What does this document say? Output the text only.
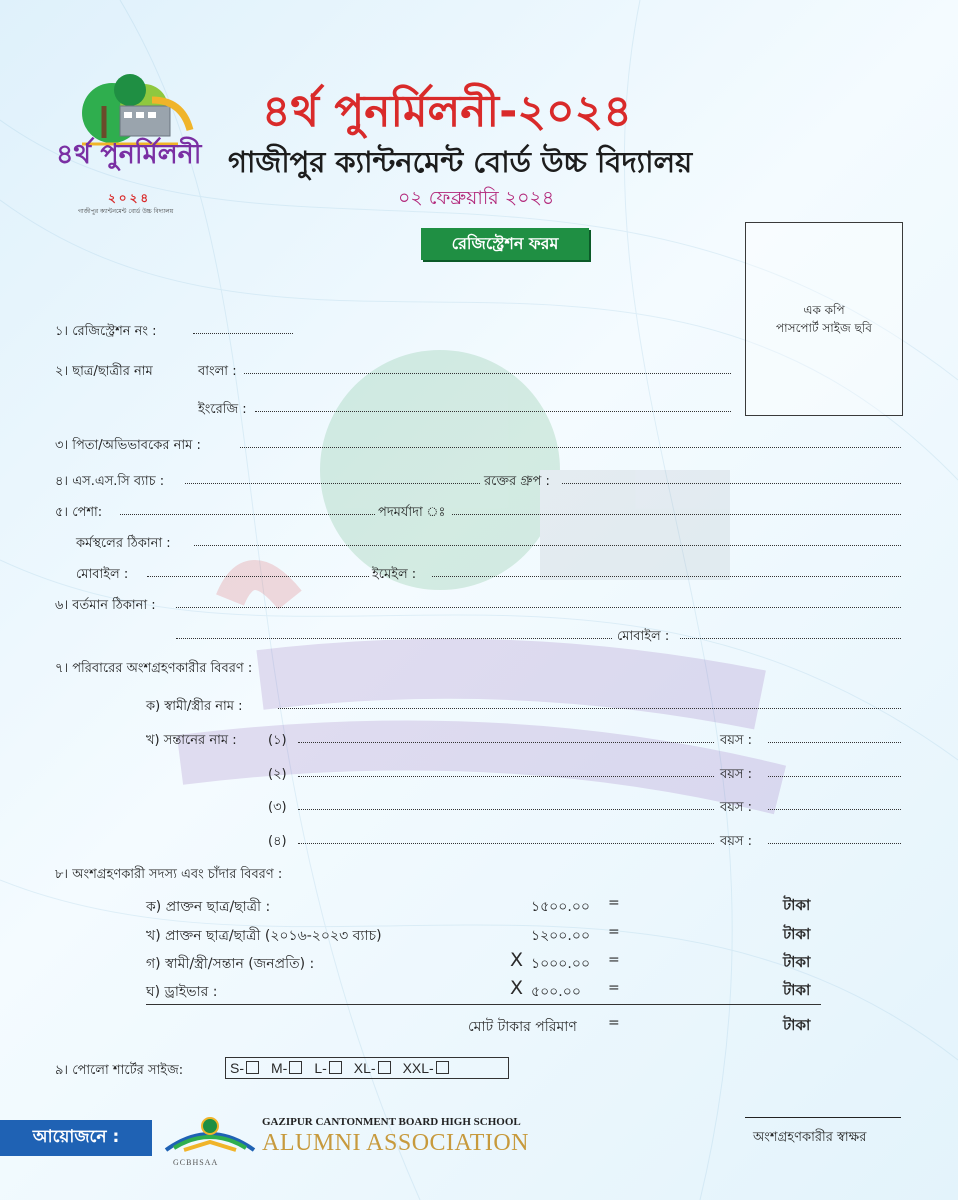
৪র্থ পুনর্মিলনী
২০২৪
গাজীপুর ক্যান্টনমেন্ট বোর্ড উচ্চ বিদ্যালয়
৪র্থ পুনর্মিলনী-২০২৪
গাজীপুর ক্যান্টনমেন্ট বোর্ড উচ্চ বিদ্যালয়
০২ ফেব্রুয়ারি ২০২৪
রেজিস্ট্রেশন ফরম
এক কপি
পাসপোর্ট সাইজ ছবি
১। রেজিস্ট্রেশন নং :
২। ছাত্র/ছাত্রীর নাম	বাংলা :
ইংরেজি :
৩। পিতা/অভিভাবকের নাম :
৪। এস.এস.সি ব্যাচ :	রক্তের গ্রুপ :
৫। পেশা:	পদমর্যাদা ঃ
কর্মস্থলের ঠিকানা :
মোবাইল :	ইমেইল :
৬। বর্তমান ঠিকানা :
মোবাইল :
৭। পরিবারের অংশগ্রহণকারীর বিবরণ :
ক) স্বামী/স্ত্রীর নাম :
খ) সন্তানের নাম : (১)	বয়স :
(২)	বয়স :
(৩)	বয়স :
(৪)	বয়স :
৮। অংশগ্রহণকারী সদস্য এবং চাঁদার বিবরণ :
ক) প্রাক্তন ছাত্র/ছাত্রী :	১৫০০.০০ =	টাকা
খ) প্রাক্তন ছাত্র/ছাত্রী (২০১৬-২০২৩ ব্যাচ)	১২০০.০০ =	টাকা
গ) স্বামী/স্ত্রী/সন্তান (জনপ্রতি) :	X ১০০০.০০ =	টাকা
ঘ) ড্রাইভার :	X ৫০০.০০ =	টাকা
মোট টাকার পরিমাণ =	টাকা
৯। পোলো শার্টের সাইজ:	S-	M-	L-	XL-	XXL-
আয়োজনে :
GCBHSAA
GAZIPUR CANTONMENT BOARD HIGH SCHOOL
ALUMNI ASSOCIATION	অংশগ্রহণকারীর স্বাক্ষর
